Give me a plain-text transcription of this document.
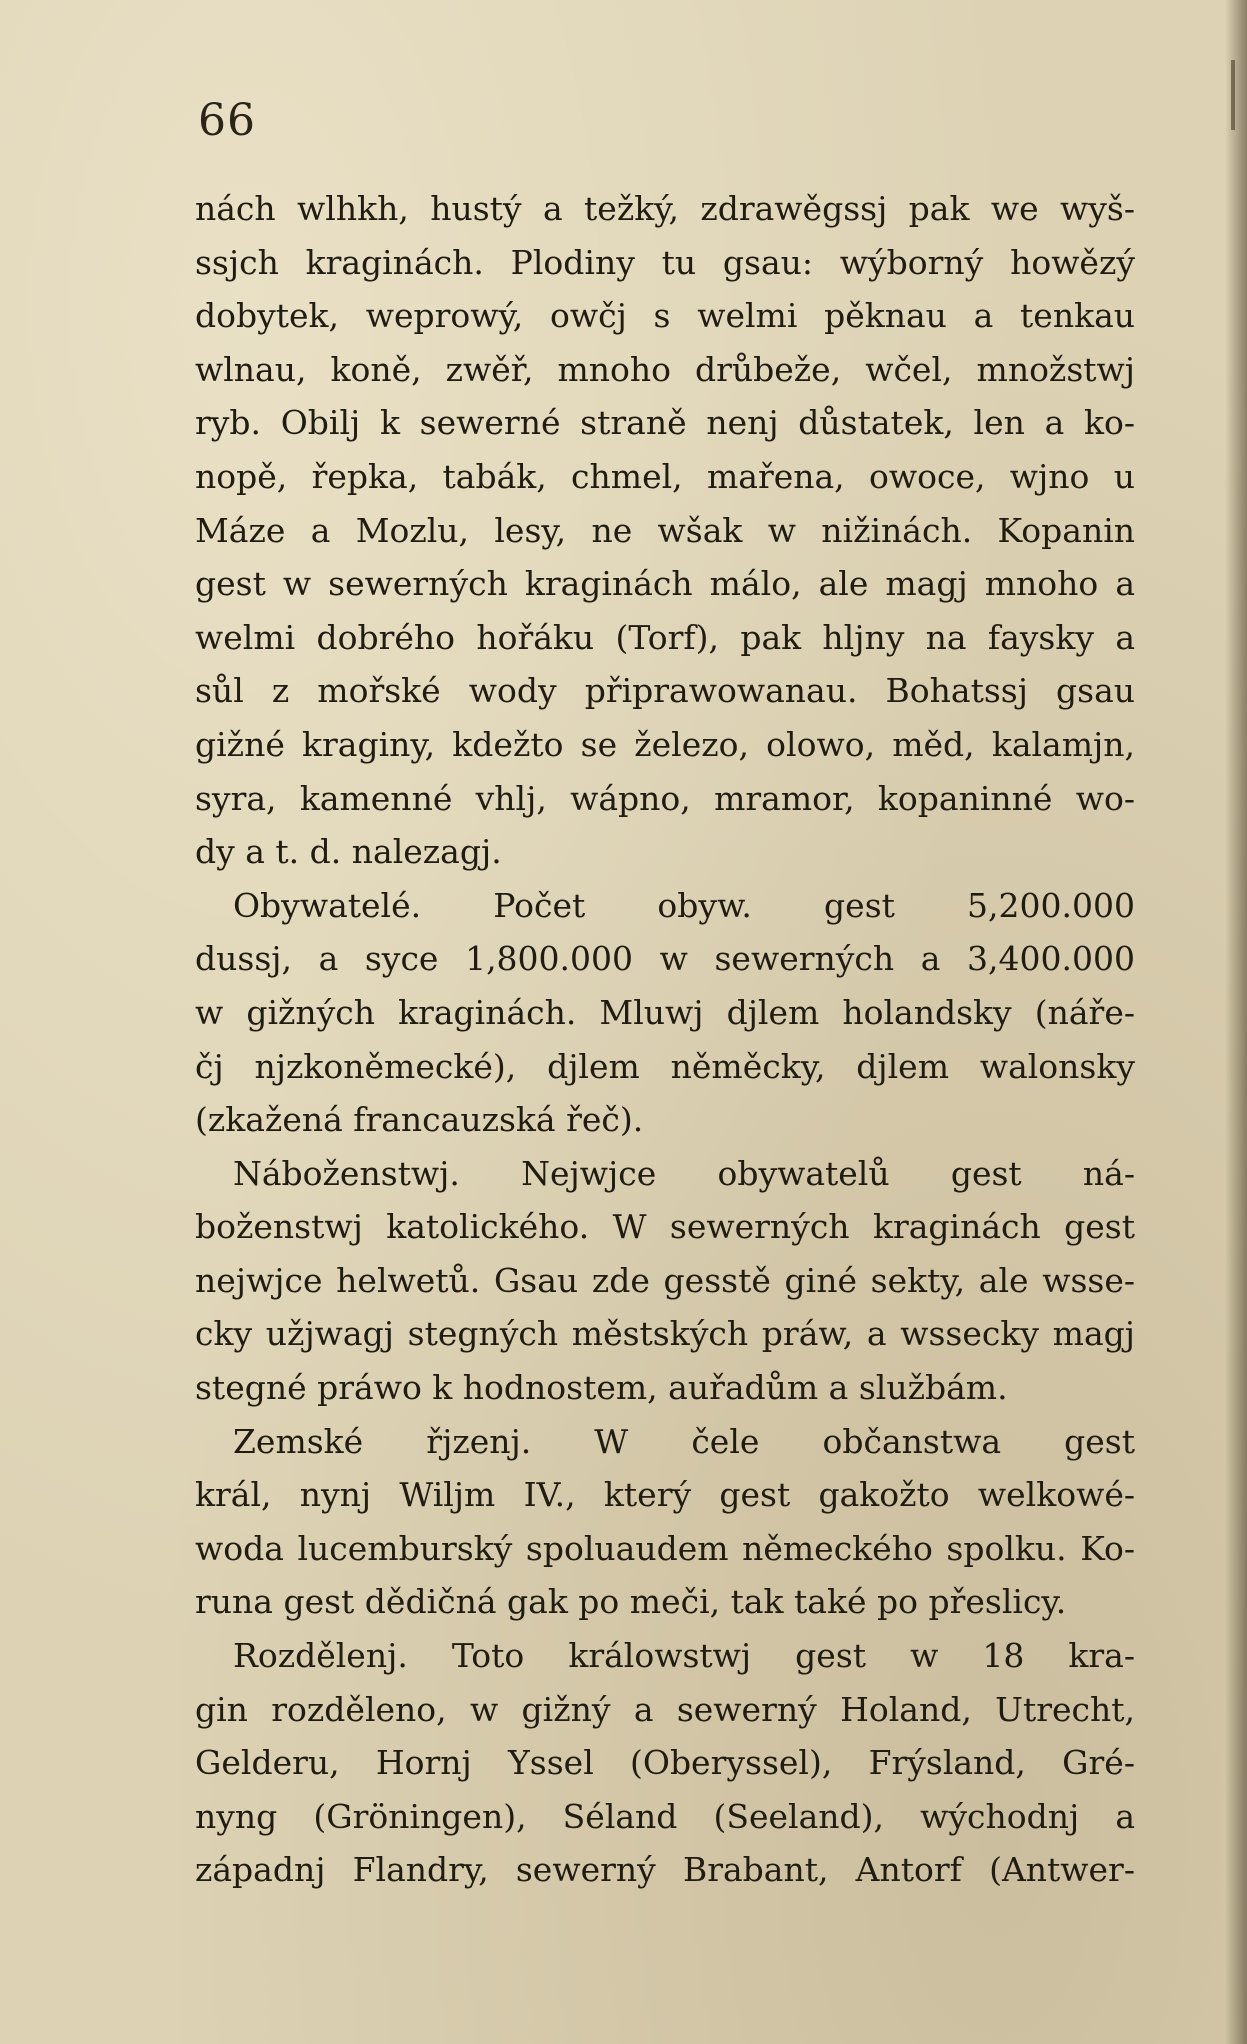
66
nách wlhkh, hustý a težký, zdrawěgssj pak we wyš-
ssjch kraginách. Plodiny tu gsau: wýborný howězý
dobytek, weprowý, owčj s welmi pěknau a tenkau
wlnau, koně, zwěř, mnoho drůbeže, wčel, množstwj
ryb. Obilj k sewerné straně nenj důstatek, len a ko-
nopě, řepka, tabák, chmel, mařena, owoce, wjno u
Máze a Mozlu, lesy, ne wšak w nižinách. Kopanin
gest w sewerných kraginách málo, ale magj mnoho a
welmi dobrého hořáku (Torf), pak hljny na faysky a
sůl z mořské wody připrawowanau. Bohatssj gsau
gižné kraginy, kdežto se železo, olowo, měd, kalamjn,
syra, kamenné vhlj, wápno, mramor, kopaninné wo-
dy a t. d. nalezagj.
Obywatelé. Počet obyw. gest 5,200.000
dussj, a syce 1,800.000 w sewerných a 3,400.000
w gižných kraginách. Mluwj djlem holandsky (náře-
čj njzkoněmecké), djlem něměcky, djlem walonsky
(zkažená francauzská řeč).
Náboženstwj. Nejwjce obywatelů gest ná-
boženstwj katolického. W sewerných kraginách gest
nejwjce helwetů. Gsau zde gesstě giné sekty, ale wsse-
cky užjwagj stegných městských práw, a wssecky magj
stegné práwo k hodnostem, auřadům a službám.
Zemské řjzenj. W čele občanstwa gest
král, nynj Wiljm IV., který gest gakožto welkowé-
woda lucemburský spoluaudem německého spolku. Ko-
runa gest dědičná gak po meči, tak také po přeslicy.
Rozdělenj. Toto králowstwj gest w 18 kra-
gin rozděleno, w gižný a sewerný Holand, Utrecht,
Gelderu, Hornj Yssel (Oberyssel), Frýsland, Gré-
nyng (Gröningen), Séland (Seeland), wýchodnj a
západnj Flandry, sewerný Brabant, Antorf (Antwer-
